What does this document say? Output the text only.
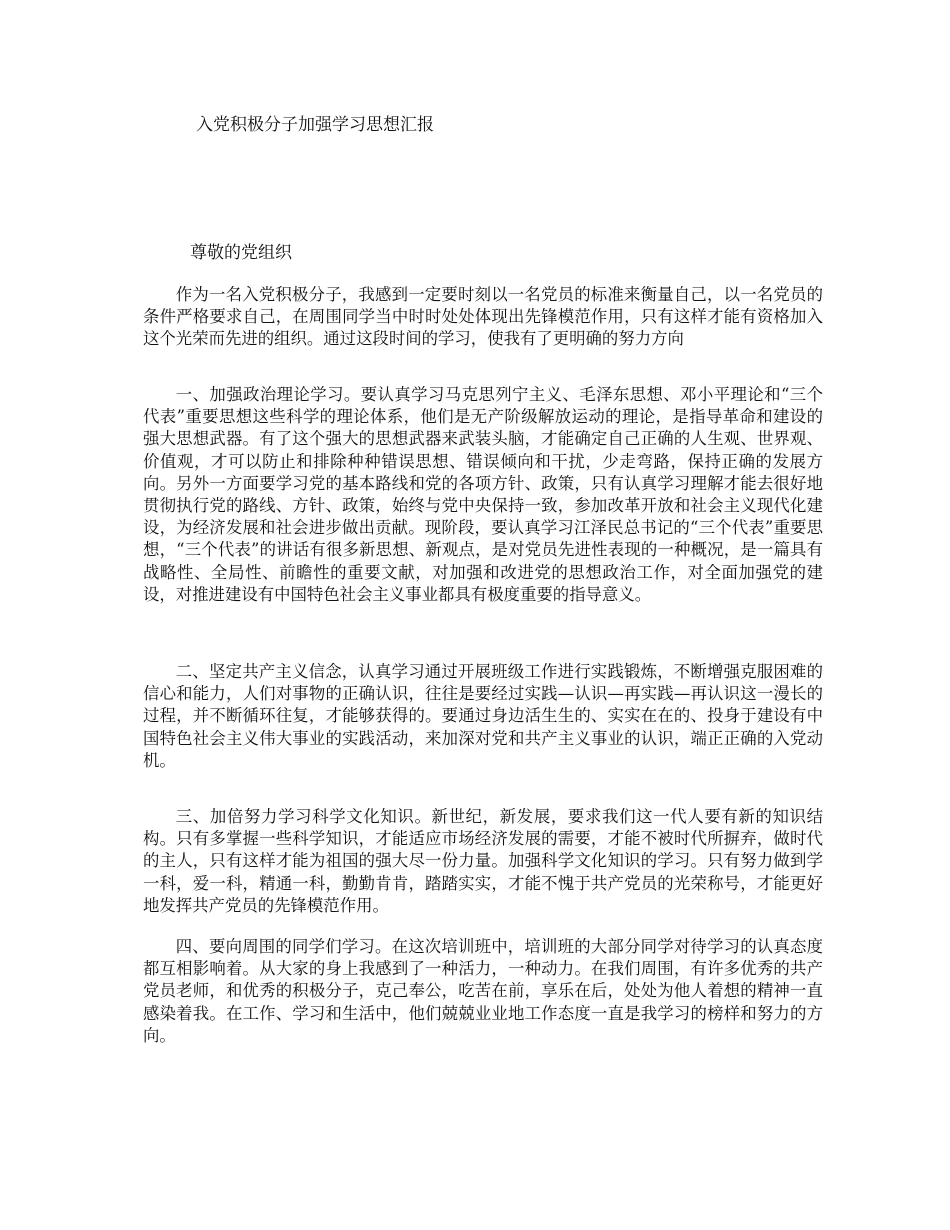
入党积极分子加强学习思想汇报

尊敬的党组织

作为一名入党积极分子，我感到一定要时刻以一名党员的标准来衡量自己，以一名党员的条件严格要求自己，在周围同学当中时时处处体现出先锋模范作用，只有这样才能有资格加入这个光荣而先进的组织。通过这段时间的学习，使我有了更明确的努力方向

一、加强政治理论学习。要认真学习马克思列宁主义、毛泽东思想、邓小平理论和“三个代表”重要思想这些科学的理论体系，他们是无产阶级解放运动的理论，是指导革命和建设的强大思想武器。有了这个强大的思想武器来武装头脑，才能确定自己正确的人生观、世界观、价值观，才可以防止和排除种种错误思想、错误倾向和干扰，少走弯路，保持正确的发展方向。另外一方面要学习党的基本路线和党的各项方针、政策，只有认真学习理解才能去很好地贯彻执行党的路线、方针、政策，始终与党中央保持一致，参加改革开放和社会主义现代化建设，为经济发展和社会进步做出贡献。现阶段，要认真学习江泽民总书记的“三个代表”重要思想，“三个代表”的讲话有很多新思想、新观点，是对党员先进性表现的一种概况，是一篇具有战略性、全局性、前瞻性的重要文献，对加强和改进党的思想政治工作，对全面加强党的建设，对推进建设有中国特色社会主义事业都具有极度重要的指导意义。

二、坚定共产主义信念，认真学习通过开展班级工作进行实践锻炼，不断增强克服困难的信心和能力，人们对事物的正确认识，往往是要经过实践—认识—再实践—再认识这一漫长的过程，并不断循环往复，才能够获得的。要通过身边活生生的、实实在在的、投身于建设有中国特色社会主义伟大事业的实践活动，来加深对党和共产主义事业的认识，端正正确的入党动机。

三、加倍努力学习科学文化知识。新世纪，新发展，要求我们这一代人要有新的知识结构。只有多掌握一些科学知识，才能适应市场经济发展的需要，才能不被时代所摒弃，做时代的主人，只有这样才能为祖国的强大尽一份力量。加强科学文化知识的学习。只有努力做到学一科，爱一科，精通一科，勤勤肯肯，踏踏实实，才能不愧于共产党员的光荣称号，才能更好地发挥共产党员的先锋模范作用。

四、要向周围的同学们学习。在这次培训班中，培训班的大部分同学对待学习的认真态度都互相影响着。从大家的身上我感到了一种活力，一种动力。在我们周围，有许多优秀的共产党员老师，和优秀的积极分子，克己奉公，吃苦在前，享乐在后，处处为他人着想的精神一直感染着我。在工作、学习和生活中，他们兢兢业业地工作态度一直是我学习的榜样和努力的方向。
